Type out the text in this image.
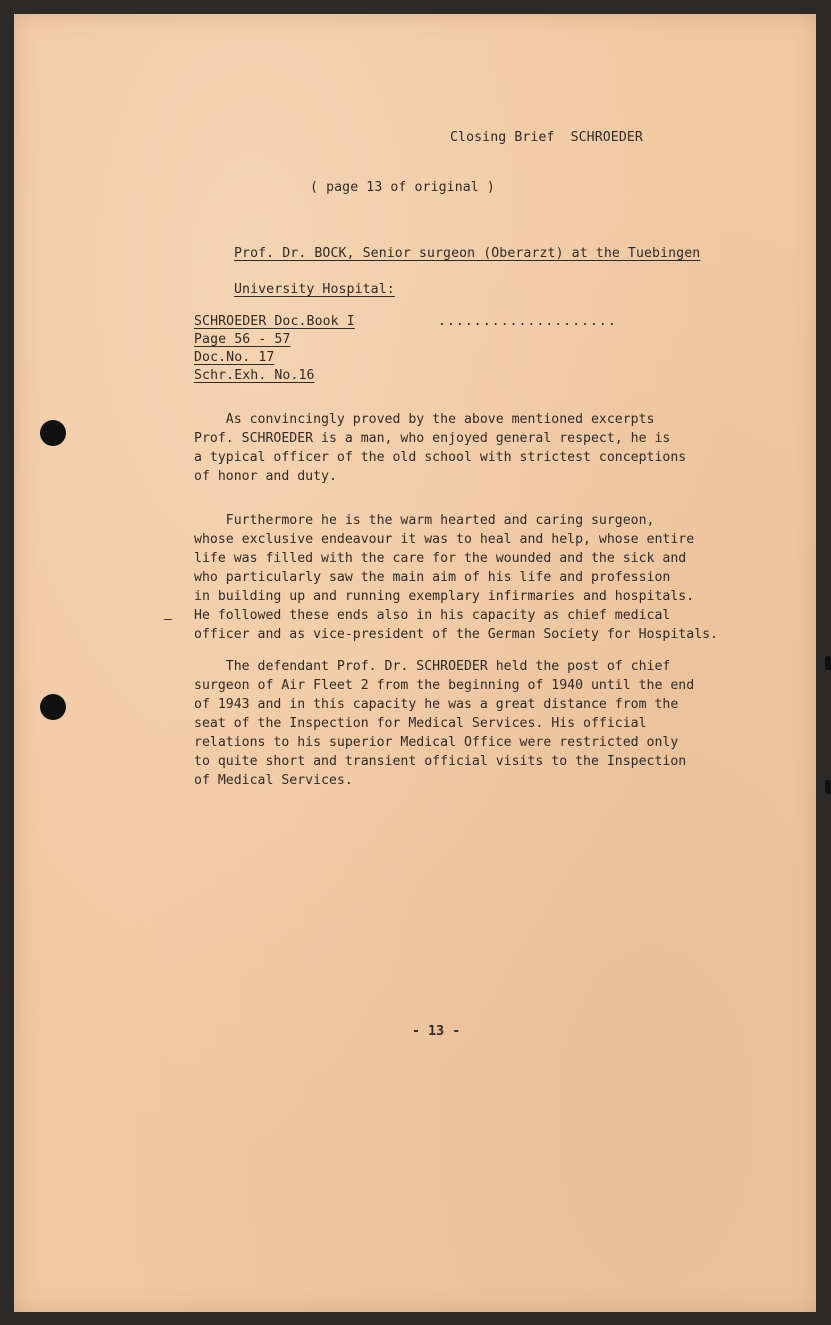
Closing Brief  SCHROEDER
( page 13 of original )
Prof. Dr. BOCK, Senior surgeon (Oberarzt) at the Tuebingen
University Hospital:
SCHROEDER Doc.Book I
Page 56 - 57
Doc.No. 17
Schr.Exh. No.16
....................
As convincingly proved by the above mentioned excerpts
Prof. SCHROEDER is a man, who enjoyed general respect, he is
a typical officer of the old school with strictest conceptions
of honor and duty.
Furthermore he is the warm hearted and caring surgeon,
whose exclusive endeavour it was to heal and help, whose entire
life was filled with the care for the wounded and the sick and
who particularly saw the main aim of his life and profession
in building up and running exemplary infirmaries and hospitals.
He followed these ends also in his capacity as chief medical
officer and as vice-president of the German Society for Hospitals.
–
The defendant Prof. Dr. SCHROEDER held the post of chief
surgeon of Air Fleet 2 from the beginning of 1940 until the end
of 1943 and in this capacity he was a great distance from the
seat of the Inspection for Medical Services. His official
relations to his superior Medical Office were restricted only
to quite short and transient official visits to the Inspection
of Medical Services.
- 13 -
